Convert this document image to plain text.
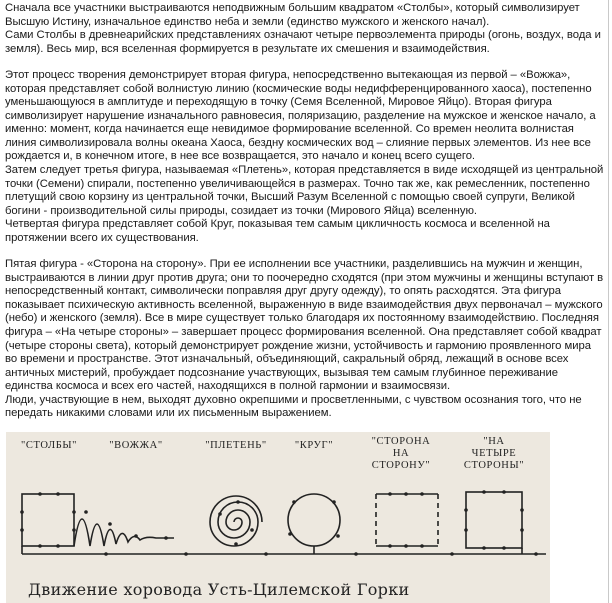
Сначала все участники выстраиваются неподвижным большим квадратом «Столбы», который символизирует Высшую Истину, изначальное единство неба и земли (единство мужского и женского начал).

Сами Столбы в древнеарийских представлениях означают четыре первоэлемента природы (огонь, воздух, вода и земля). Весь мир, вся вселенная формируется в результате их смешения и взаимодействия.

Этот процесс творения демонстрирует вторая фигура, непосредственно вытекающая из первой – «Вожжа», которая представляет собой волнистую линию (космические воды недифференцированного хаоса), постепенно уменьшающуюся в амплитуде и переходящую в точку (Семя Вселенной, Мировое Яйцо). Вторая фигура символизирует нарушение изначального равновесия, поляризацию, разделение на мужское и женское начало, а именно: момент, когда начинается еще невидимое формирование вселенной. Со времен неолита волнистая линия символизировала волны океана Хаоса, бездну космических вод – слияние первых элементов. Из нее все рождается и, в конечном итоге, в нее все возвращается, это начало и конец всего сущего.

Затем следует третья фигура, называемая «Плетень», которая представляется в виде исходящей из центральной точки (Семени) спирали, постепенно увеличивающейся в размерах. Точно так же, как ремесленник, постепенно плетущий свою корзину из центральной точки, Высший Разум Вселенной с помощью своей супруги, Великой богини - производительной силы природы, созидает из точки (Мирового Яйца) вселенную.

Четвертая фигура представляет собой Круг, показывая тем самым цикличность космоса и вселенной на протяжении всего их существования.

Пятая фигура - «Сторона на сторону». При ее исполнении все участники, разделившись на мужчин и женщин, выстраиваются в линии друг против друга; они то поочередно сходятся (при этом мужчины и женщины вступают в непосредственный контакт, символически поправляя друг другу одежду), то опять расходятся. Эта фигура показывает психическую активность вселенной, выраженную в виде взаимодействия двух первоначал – мужского (небо) и женского (земля). Все в мире существует только благодаря их постоянному взаимодействию. Последняя фигура – «На четыре стороны» – завершает процесс формирования вселенной. Она представляет собой квадрат (четыре стороны света), который демонстрирует рождение жизни, устойчивость и гармонию проявленного мира во времени и пространстве. Этот изначальный, объединяющий, сакральный обряд, лежащий в основе всех античных мистерий, пробуждает подсознание участвующих, вызывая тем самым глубинное переживание единства космоса и всех его частей, находящихся в полной гармонии и взаимосвязи.

Люди, участвующие в нем, выходят духовно окрепшими и просветленными, с чувством осознания того, что не передать никакими словами или их письменным выражением.

"СТОЛБЫ"	"ВОЖЖА"	"ПЛЕТЕНЬ"	"КРУГ"	"СТОРОНА
НА
СТОРОНУ"
"НА
ЧЕТЫРЕ
СТОРОНЫ"
Движение хоровода Усть-Цилемской Горки
